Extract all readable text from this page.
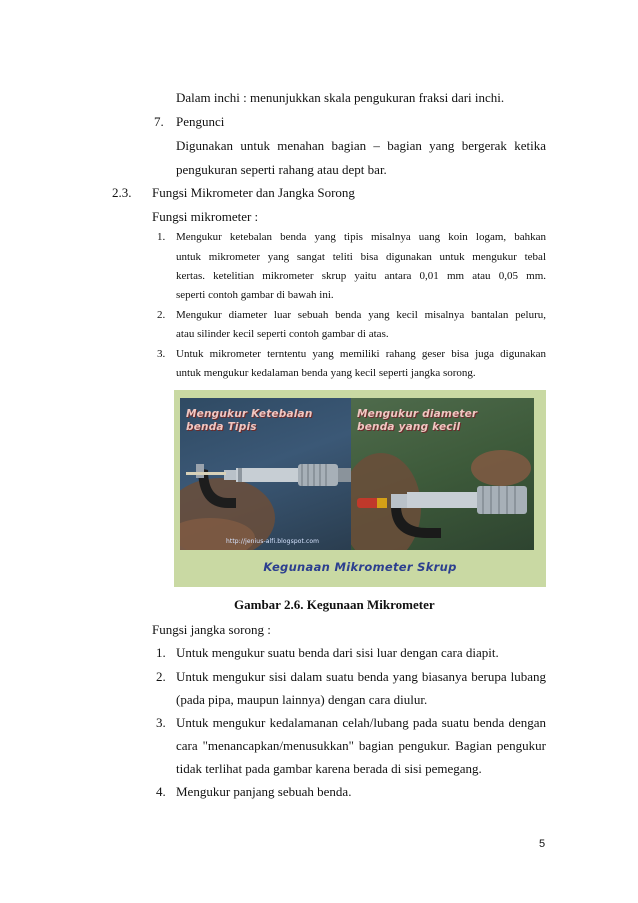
Dalam inchi : menunjukkan skala pengukuran fraksi dari inchi.
7. Pengunci
Digunakan untuk menahan bagian – bagian yang bergerak ketika
pengukuran seperti rahang atau dept bar.
2.3. Fungsi Mikrometer dan Jangka Sorong
Fungsi mikrometer :
1. Mengukur ketebalan benda yang tipis misalnya uang koin logam, bahkan
untuk mikrometer yang sangat teliti bisa digunakan untuk mengukur tebal
kertas. ketelitian mikrometer skrup yaitu antara 0,01 mm atau 0,05 mm.
seperti contoh gambar di bawah ini.
2. Mengukur diameter luar sebuah benda yang kecil misalnya bantalan peluru,
atau silinder kecil seperti contoh gambar di atas.
3. Untuk mikrometer terntentu yang memiliki rahang geser bisa juga digunakan
untuk mengukur kedalaman benda yang kecil seperti jangka sorong.
Mengukur Ketebalan
benda Tipis
http://jenius-alfi.blogspot.com
Mengukur diameter
benda yang kecil
Kegunaan Mikrometer Skrup
Gambar 2.6. Kegunaan Mikrometer
Fungsi jangka sorong :
1. Untuk mengukur suatu benda dari sisi luar dengan cara diapit.
2. Untuk mengukur sisi dalam suatu benda yang biasanya berupa lubang
(pada pipa, maupun lainnya) dengan cara diulur.
3. Untuk mengukur kedalamanan celah/lubang pada suatu benda dengan
cara "menancapkan/menusukkan" bagian pengukur. Bagian pengukur
tidak terlihat pada gambar karena berada di sisi pemegang.
4. Mengukur panjang sebuah benda.
5
